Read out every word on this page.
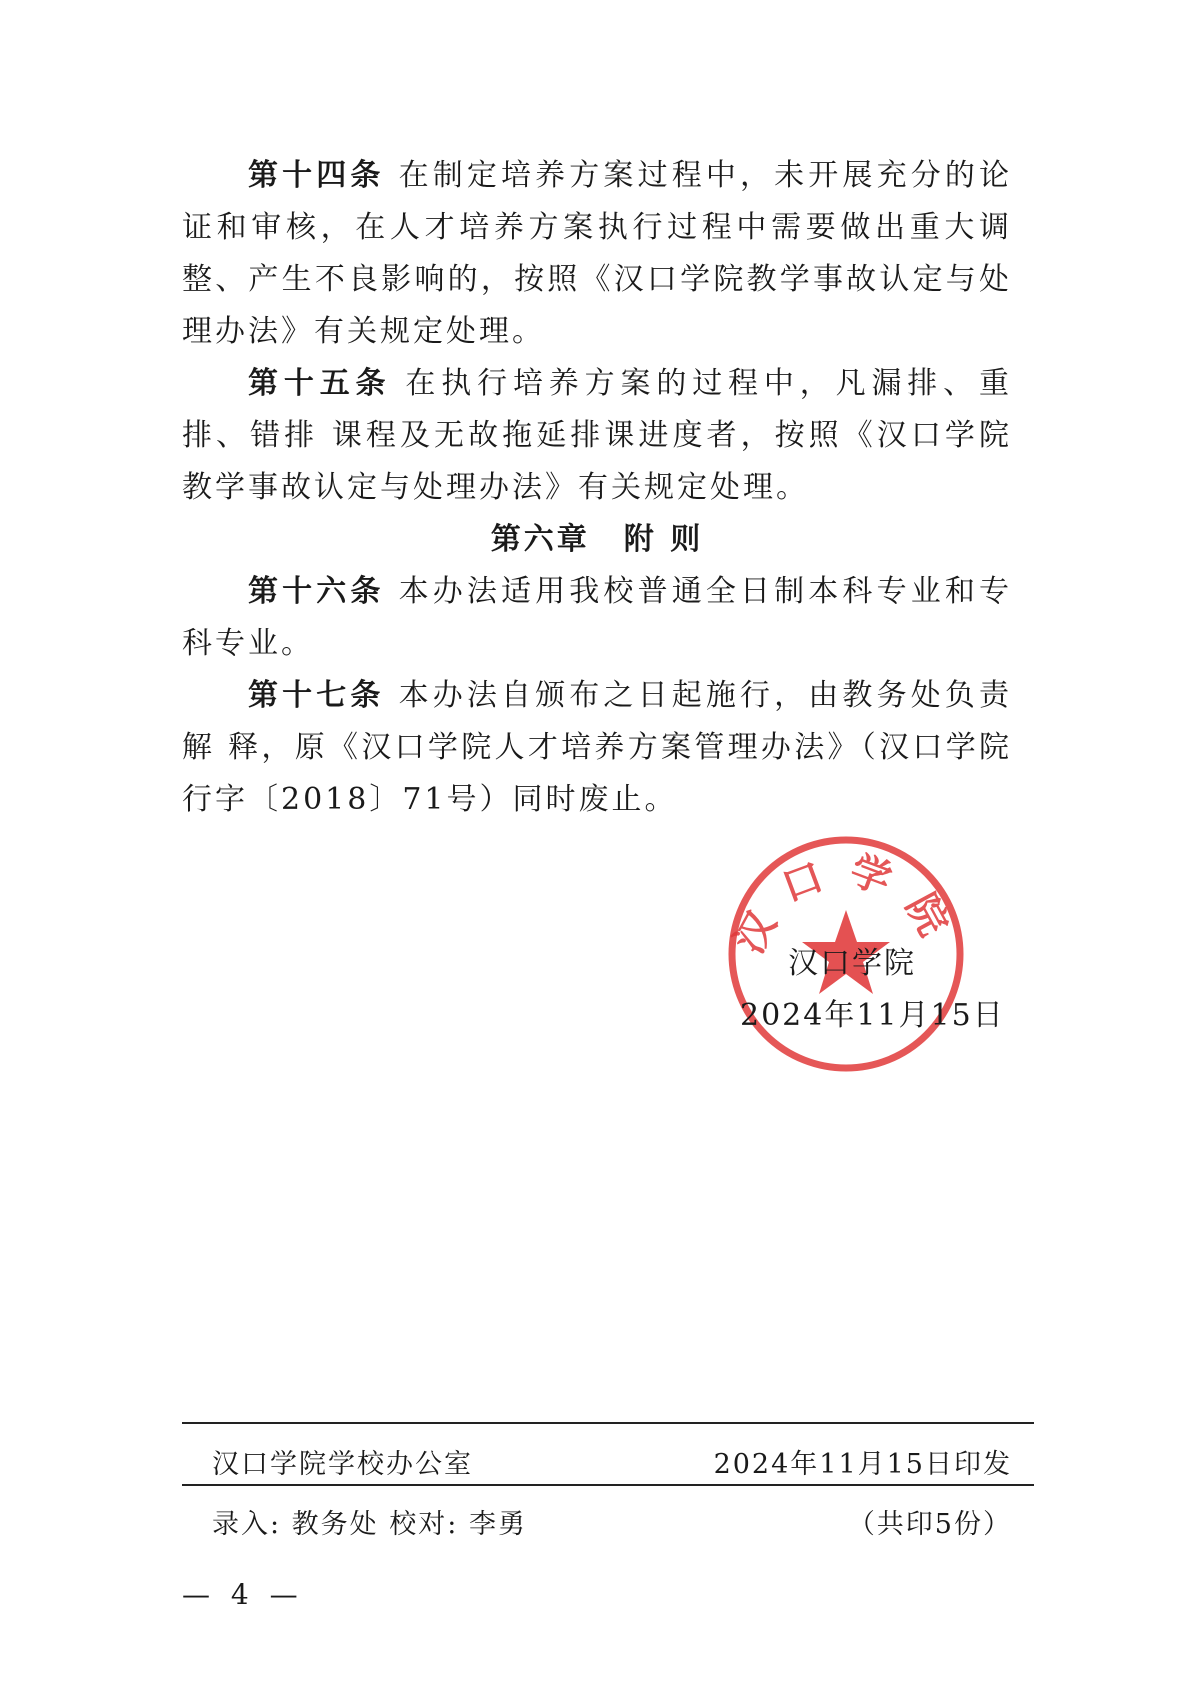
第十四条 在制定培养方案过程中，未开展充分的论证和审核，在人才培养方案执行过程中需要做出重大调整、产生不良影响的，按照《汉口学院教学事故认定与处理办法》有关规定处理。

第十五条 在执行培养方案的过程中，凡漏排、重排、错排 课程及无故拖延排课进度者，按照《汉口学院教学事故认定与处理办法》有关规定处理。

第六章 附 则

第十六条 本办法适用我校普通全日制本科专业和专科专业。

第十七条 本办法自颁布之日起施行，由教务处负责解 释，原《汉口学院人才培养方案管理办法》（汉口学院行字〔2018〕71号）同时废止。

汉口学院
汉口学院
2024年11月15日
汉口学院学校办公室	2024年11月15日印发
录入: 教务处 校对: 李勇	（共印5份）
— 4 —
